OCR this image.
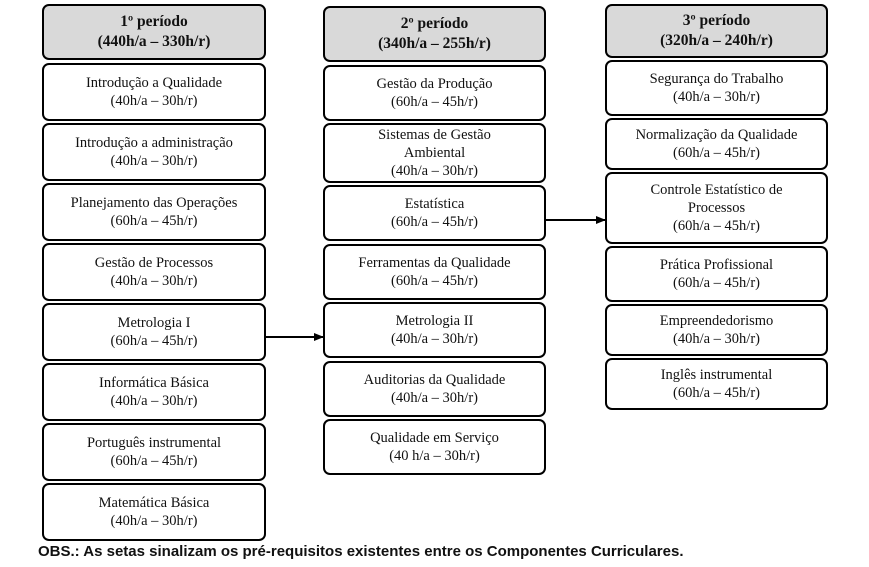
1º período
(440h/a – 330h/r)
Introdução a Qualidade
(40h/a – 30h/r)
Introdução a administração
(40h/a – 30h/r)
Planejamento das Operações
(60h/a – 45h/r)
Gestão de Processos
(40h/a – 30h/r)
Metrologia I
(60h/a – 45h/r)
Informática Básica
(40h/a – 30h/r)
Português instrumental
(60h/a – 45h/r)
Matemática Básica
(40h/a – 30h/r)
2º período
(340h/a – 255h/r)
Gestão da Produção
(60h/a – 45h/r)
Sistemas de Gestão
Ambiental
(40h/a – 30h/r)
Estatística
(60h/a – 45h/r)
Ferramentas da Qualidade
(60h/a – 45h/r)
Metrologia II
(40h/a – 30h/r)
Auditorias da Qualidade
(40h/a – 30h/r)
Qualidade em Serviço
(40 h/a – 30h/r)
3º período
(320h/a – 240h/r)
Segurança do Trabalho
(40h/a – 30h/r)
Normalização da Qualidade
(60h/a – 45h/r)
Controle Estatístico de
Processos
(60h/a – 45h/r)
Prática Profissional
(60h/a – 45h/r)
Empreendedorismo
(40h/a – 30h/r)
Inglês instrumental
(60h/a – 45h/r)
OBS.: As setas sinalizam os pré-requisitos existentes entre os Componentes Curriculares.
